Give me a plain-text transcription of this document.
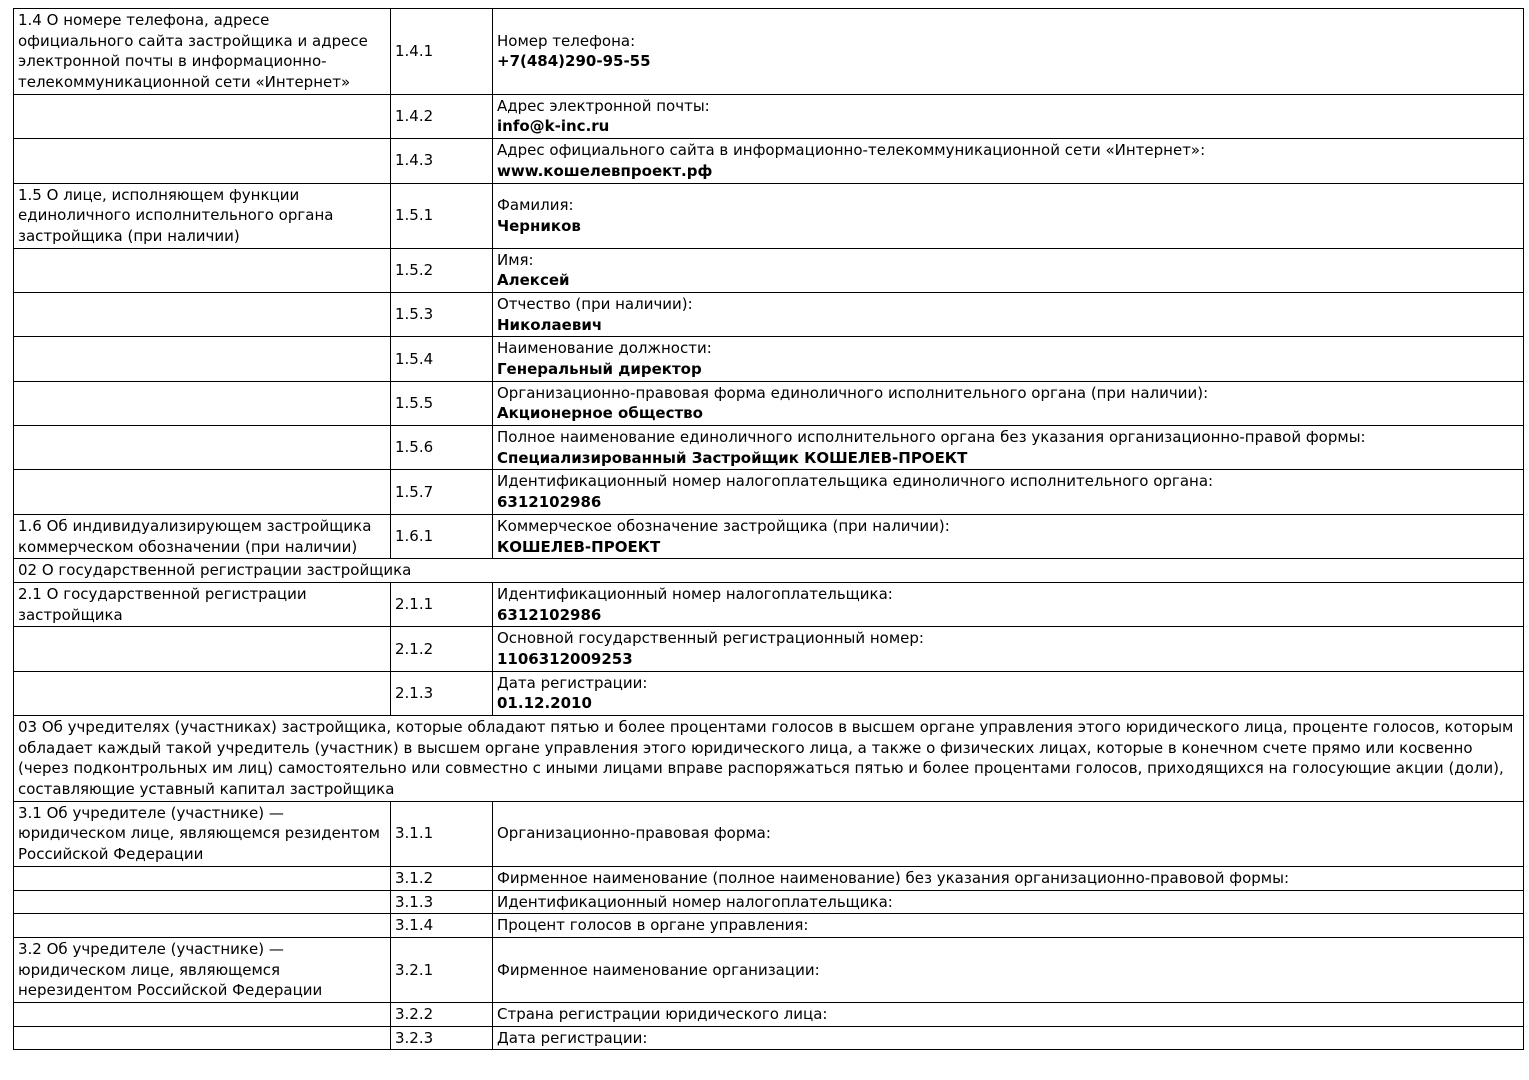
1.4 О номере телефона, адресе официального сайта застройщика и адресе электронной почты в информационно-телекоммуникационной сети «Интернет»	1.4.1	Номер телефона:
+7(484)290-95-55

	1.4.2	Адрес электронной почты:
info@k-inc.ru

	1.4.3	Адрес официального сайта в информационно-телекоммуникационной сети «Интернет»:
www.кошелевпроект.рф

1.5 О лице, исполняющем функции единоличного исполнительного органа застройщика (при наличии)	1.5.1	Фамилия:
Черников

	1.5.2	Имя:
Алексей

	1.5.3	Отчество (при наличии):
Николаевич

	1.5.4	Наименование должности:
Генеральный директор

	1.5.5	Организационно-правовая форма единоличного исполнительного органа (при наличии):
Акционерное общество

	1.5.6	Полное наименование единоличного исполнительного органа без указания организационно-правой формы:
Специализированный Застройщик КОШЕЛЕВ-ПРОЕКТ

	1.5.7	Идентификационный номер налогоплательщика единоличного исполнительного органа:
6312102986

1.6 Об индивидуализирующем застройщика коммерческом обозначении (при наличии)	1.6.1	Коммерческое обозначение застройщика (при наличии):
КОШЕЛЕВ-ПРОЕКТ

02 О государственной регистрации застройщика		
2.1 О государственной регистрации застройщика	2.1.1	Идентификационный номер налогоплательщика:
6312102986

	2.1.2	Основной государственный регистрационный номер:
1106312009253

	2.1.3	Дата регистрации:
01.12.2010

03 Об учредителях (участниках) застройщика, которые обладают пятью и более процентами голосов в высшем органе управления этого юридического лица, проценте голосов, которым обладает каждый такой учредитель (участник) в высшем органе управления этого юридического лица, а также о физических лицах, которые в конечном счете прямо или косвенно (через подконтрольных им лиц) самостоятельно или совместно с иными лицами вправе распоряжаться пятью и более процентами голосов, приходящихся на голосующие акции (доли), составляющие уставный капитал застройщика		
3.1 Об учредителе (участнике) — юридическом лице, являющемся резидентом Российской Федерации	3.1.1	Организационно-правовая форма:

	3.1.2	Фирменное наименование (полное наименование) без указания организационно-правовой формы:

	3.1.3	Идентификационный номер налогоплательщика:

	3.1.4	Процент голосов в органе управления:

3.2 Об учредителе (участнике) — юридическом лице, являющемся нерезидентом Российской Федерации	3.2.1	Фирменное наименование организации:

	3.2.2	Страна регистрации юридического лица:

	3.2.3	Дата регистрации:
